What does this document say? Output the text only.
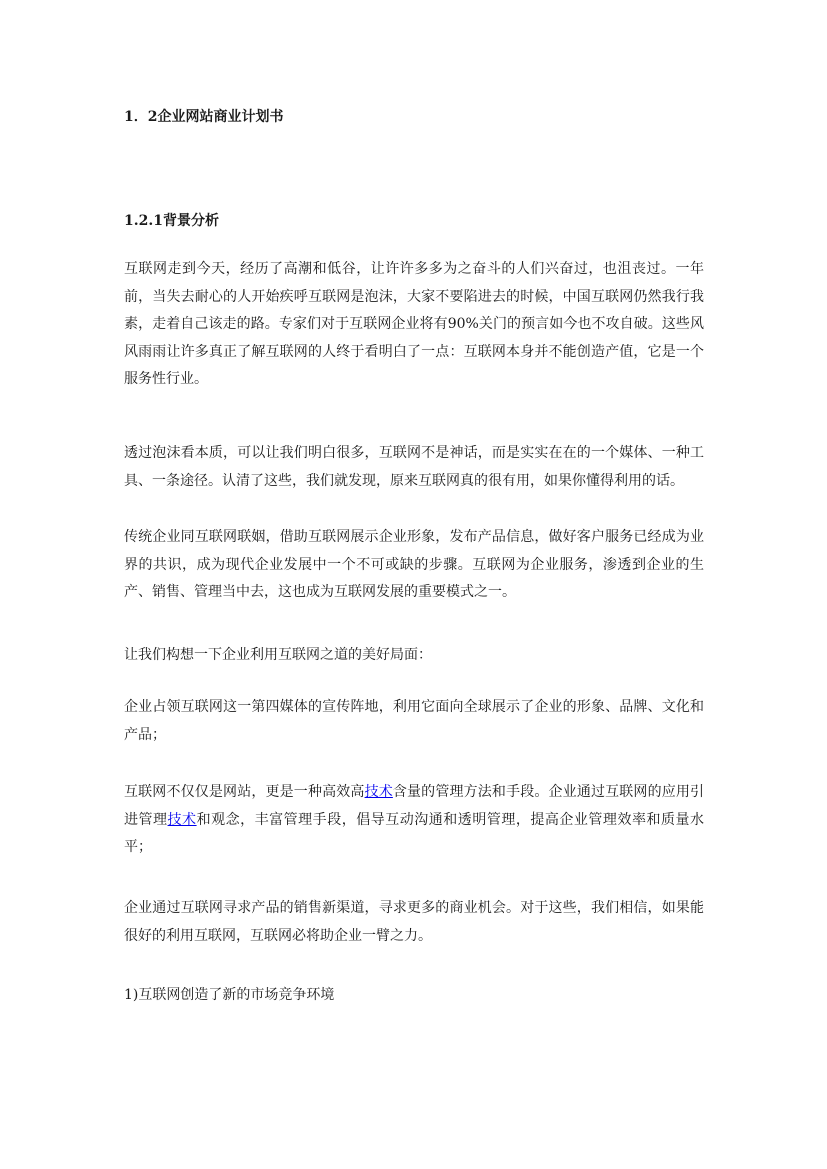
1．2企业网站商业计划书
1.2.1背景分析
互联网走到今天，经历了高潮和低谷，让许许多多为之奋斗的人们兴奋过，也沮丧过。一年前，当失去耐心的人开始疾呼互联网是泡沫，大家不要陷进去的时候，中国互联网仍然我行我素，走着自己该走的路。专家们对于互联网企业将有90%关门的预言如今也不攻自破。这些风风雨雨让许多真正了解互联网的人终于看明白了一点：互联网本身并不能创造产值，它是一个服务性行业。
透过泡沫看本质，可以让我们明白很多，互联网不是神话，而是实实在在的一个媒体、一种工具、一条途径。认清了这些，我们就发现，原来互联网真的很有用，如果你懂得利用的话。
传统企业同互联网联姻，借助互联网展示企业形象，发布产品信息，做好客户服务已经成为业界的共识，成为现代企业发展中一个不可或缺的步骤。互联网为企业服务，渗透到企业的生产、销售、管理当中去，这也成为互联网发展的重要模式之一。
让我们构想一下企业利用互联网之道的美好局面：
企业占领互联网这一第四媒体的宣传阵地，利用它面向全球展示了企业的形象、品牌、文化和产品；
互联网不仅仅是网站，更是一种高效高技术含量的管理方法和手段。企业通过互联网的应用引进管理技术和观念，丰富管理手段，倡导互动沟通和透明管理，提高企业管理效率和质量水平；
企业通过互联网寻求产品的销售新渠道，寻求更多的商业机会。对于这些，我们相信，如果能很好的利用互联网，互联网必将助企业一臂之力。
1)互联网创造了新的市场竞争环境
